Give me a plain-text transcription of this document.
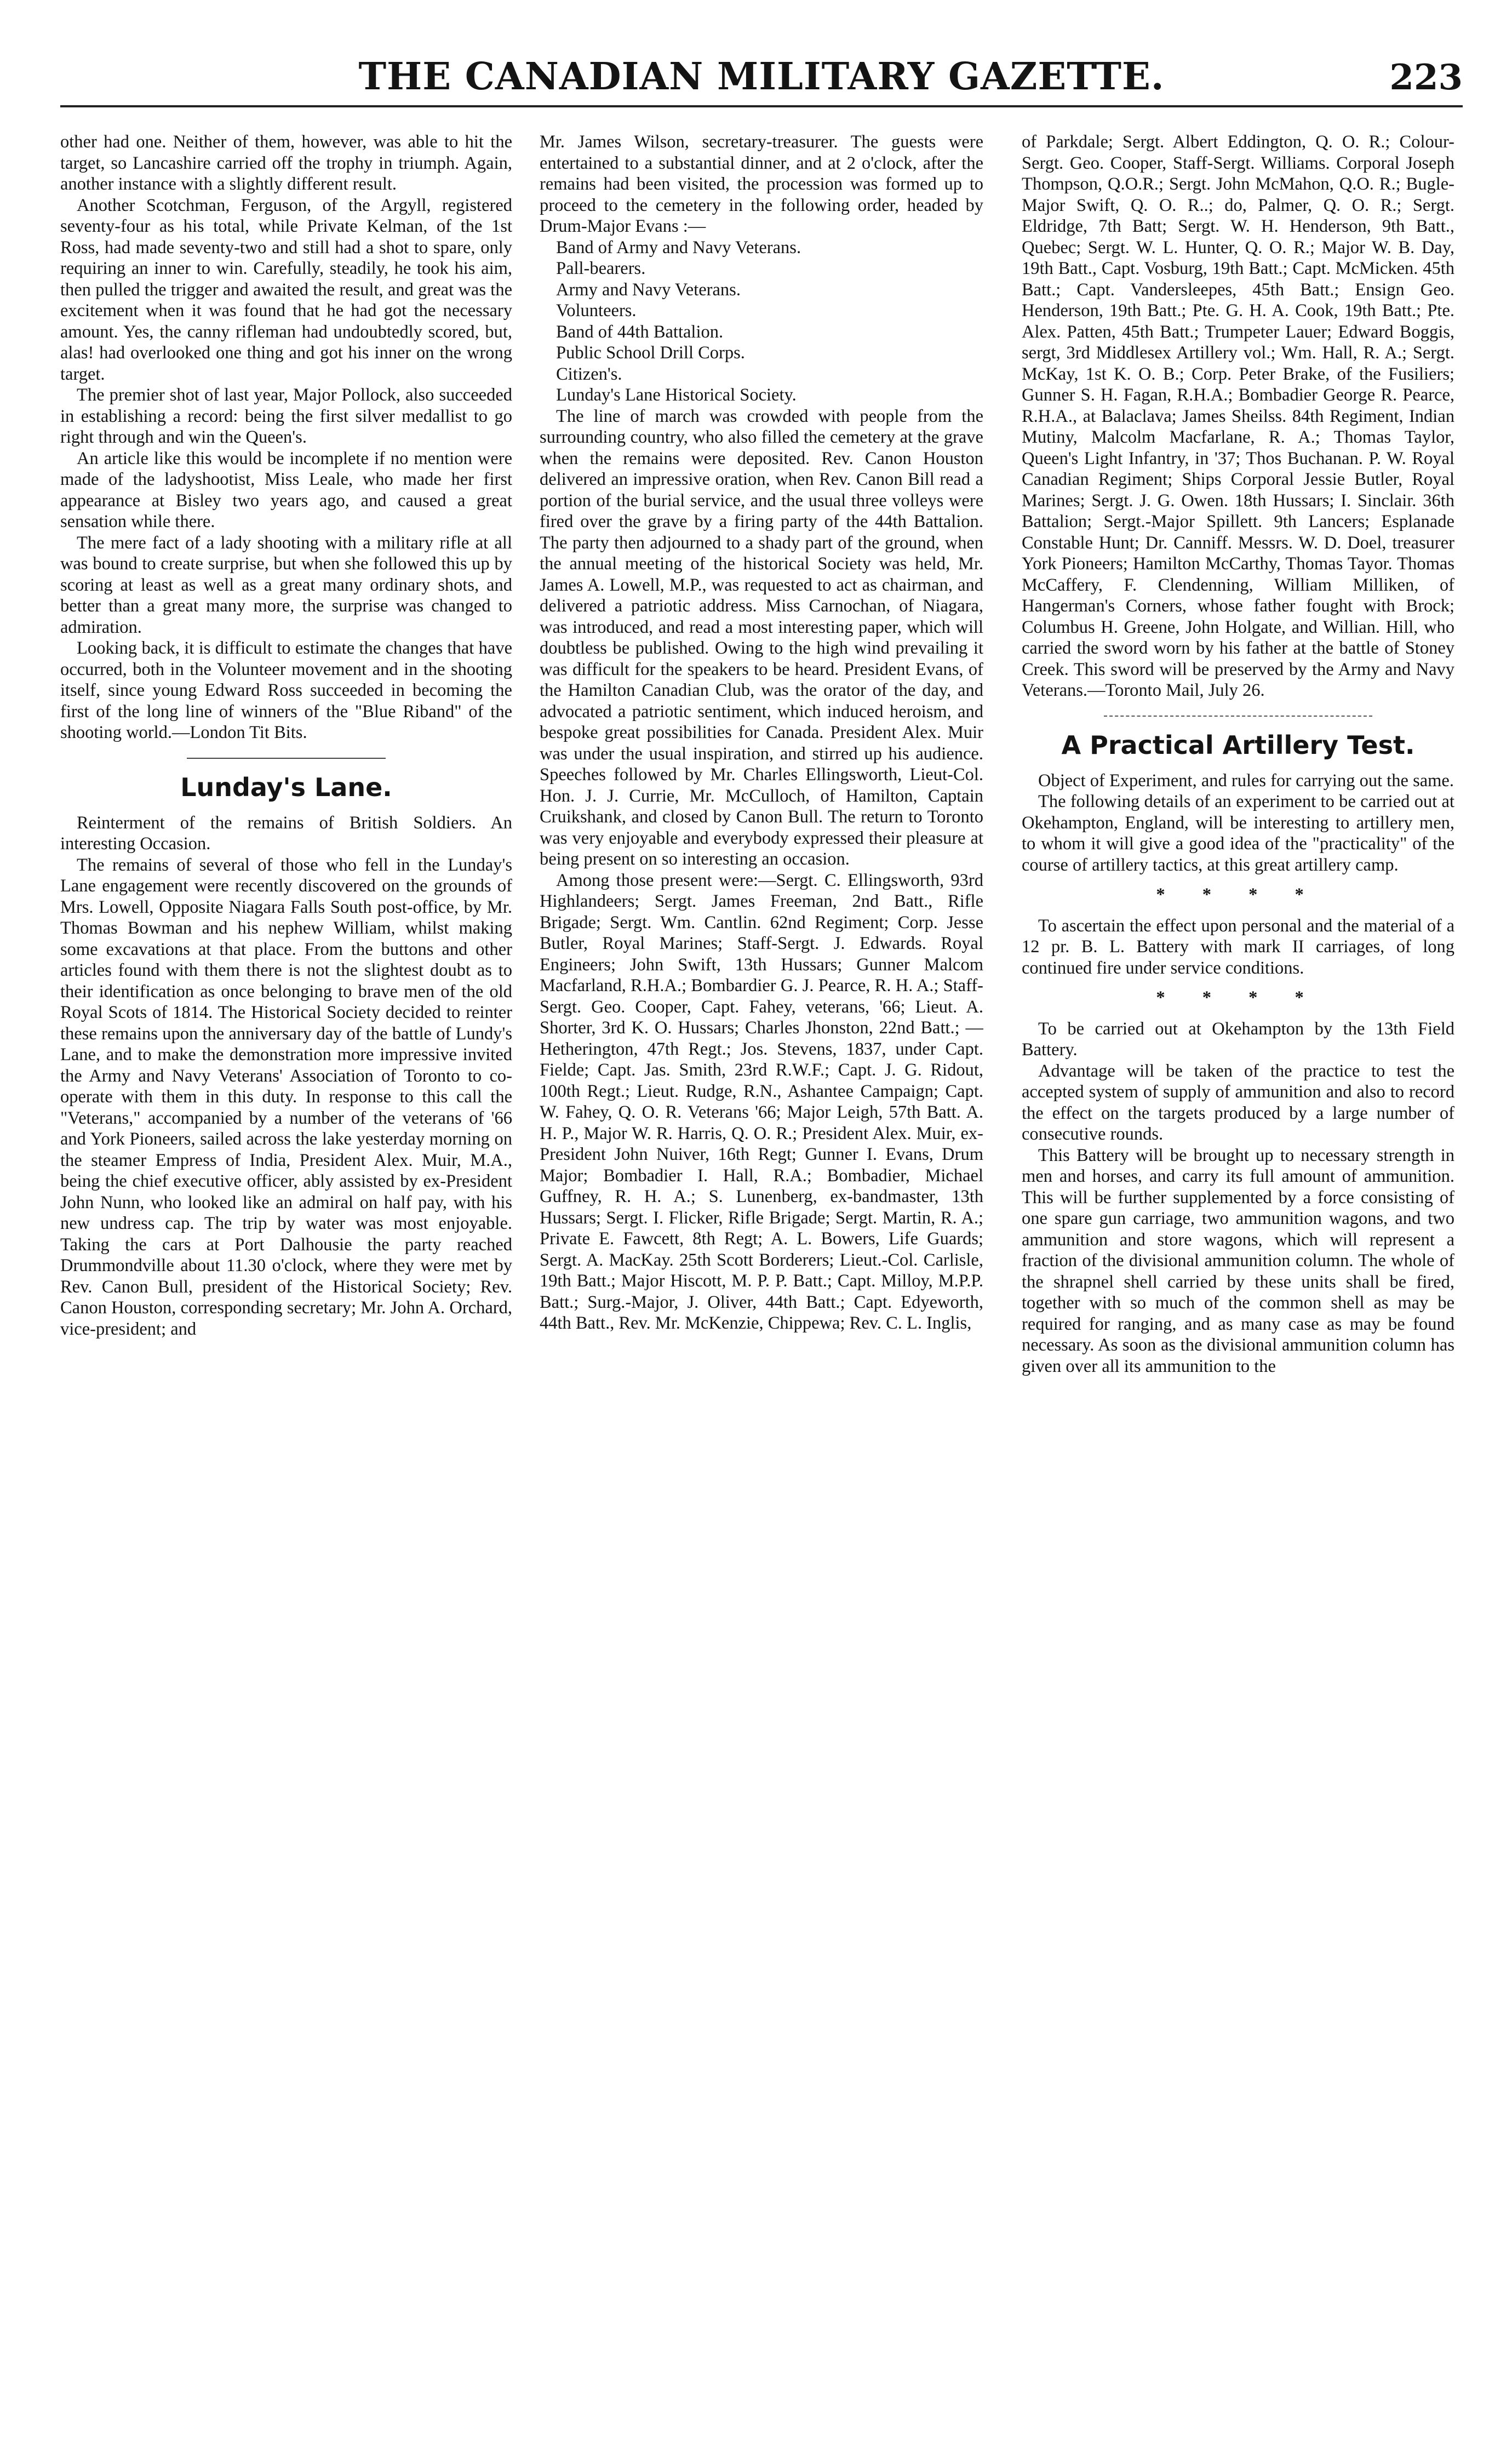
THE CANADIAN MILITARY GAZETTE.	223

other had one. Neither of them, however, was able to hit the target, so Lancashire carried off the trophy in triumph. Again, another instance with a slightly different result.

Another Scotchman, Ferguson, of the Argyll, registered seventy-four as his total, while Private Kelman, of the 1st Ross, had made seventy-two and still had a shot to spare, only requiring an inner to win. Carefully, steadily, he took his aim, then pulled the trigger and awaited the result, and great was the excitement when it was found that he had got the necessary amount. Yes, the canny rifleman had undoubtedly scored, but, alas! had overlooked one thing and got his inner on the wrong target.

The premier shot of last year, Major Pollock, also succeeded in establishing a record: being the first silver medallist to go right through and win the Queen's.

An article like this would be incomplete if no mention were made of the ladyshootist, Miss Leale, who made her first appearance at Bisley two years ago, and caused a great sensation while there.

The mere fact of a lady shooting with a military rifle at all was bound to create surprise, but when she followed this up by scoring at least as well as a great many ordinary shots, and better than a great many more, the surprise was changed to admiration.

Looking back, it is difficult to estimate the changes that have occurred, both in the Volunteer movement and in the shooting itself, since young Edward Ross succeeded in becoming the first of the long line of winners of the "Blue Riband" of the shooting world.—London Tit Bits.

Lunday's Lane.

Reinterment of the remains of British Soldiers. An interesting Occasion.

The remains of several of those who fell in the Lunday's Lane engagement were recently discovered on the grounds of Mrs. Lowell, Opposite Niagara Falls South post-office, by Mr. Thomas Bowman and his nephew William, whilst making some excavations at that place. From the buttons and other articles found with them there is not the slightest doubt as to their identification as once belonging to brave men of the old Royal Scots of 1814. The Historical Society decided to reinter these remains upon the anniversary day of the battle of Lundy's Lane, and to make the demonstration more impressive invited the Army and Navy Veterans' Association of Toronto to co-operate with them in this duty. In response to this call the "Veterans," accompanied by a number of the veterans of '66 and York Pioneers, sailed across the lake yesterday morning on the steamer Empress of India, President Alex. Muir, M.A., being the chief executive officer, ably assisted by ex-President John Nunn, who looked like an admiral on half pay, with his new undress cap. The trip by water was most enjoyable. Taking the cars at Port Dalhousie the party reached Drummondville about 11.30 o'clock, where they were met by Rev. Canon Bull, president of the Historical Society; Rev. Canon Houston, corresponding secretary; Mr. John A. Orchard, vice-president; and

Mr. James Wilson, secretary-treasurer. The guests were entertained to a substantial dinner, and at 2 o'clock, after the remains had been visited, the procession was formed up to proceed to the cemetery in the following order, headed by Drum-Major Evans :—

Band of Army and Navy Veterans.
Pall-bearers.
Army and Navy Veterans.
Volunteers.
Band of 44th Battalion.
Public School Drill Corps.
Citizen's.
Lunday's Lane Historical Society.

The line of march was crowded with people from the surrounding country, who also filled the cemetery at the grave when the remains were deposited. Rev. Canon Houston delivered an impressive oration, when Rev. Canon Bill read a portion of the burial service, and the usual three volleys were fired over the grave by a firing party of the 44th Battalion. The party then adjourned to a shady part of the ground, when the annual meeting of the historical Society was held, Mr. James A. Lowell, M.P., was requested to act as chairman, and delivered a patriotic address. Miss Carnochan, of Niagara, was introduced, and read a most interesting paper, which will doubtless be published. Owing to the high wind prevailing it was difficult for the speakers to be heard. President Evans, of the Hamilton Canadian Club, was the orator of the day, and advocated a patriotic sentiment, which induced heroism, and bespoke great possibilities for Canada. President Alex. Muir was under the usual inspiration, and stirred up his audience. Speeches followed by Mr. Charles Ellingsworth, Lieut-Col. Hon. J. J. Currie, Mr. McCulloch, of Hamilton, Captain Cruikshank, and closed by Canon Bull. The return to Toronto was very enjoyable and everybody expressed their pleasure at being present on so interesting an occasion.

Among those present were:—Sergt. C. Ellingsworth, 93rd Highlandeers; Sergt. James Freeman, 2nd Batt., Rifle Brigade; Sergt. Wm. Cantlin. 62nd Regiment; Corp. Jesse Butler, Royal Marines; Staff-Sergt. J. Edwards. Royal Engineers; John Swift, 13th Hussars; Gunner Malcom Macfarland, R.H.A.; Bombardier G. J. Pearce, R. H. A.; Staff-Sergt. Geo. Cooper, Capt. Fahey, veterans, '66; Lieut. A. Shorter, 3rd K. O. Hussars; Charles Jhonston, 22nd Batt.; —Hetherington, 47th Regt.; Jos. Stevens, 1837, under Capt. Fielde; Capt. Jas. Smith, 23rd R.W.F.; Capt. J. G. Ridout, 100th Regt.; Lieut. Rudge, R.N., Ashantee Campaign; Capt. W. Fahey, Q. O. R. Veterans '66; Major Leigh, 57th Batt. A. H. P., Major W. R. Harris, Q. O. R.; President Alex. Muir, ex-President John Nuiver, 16th Regt; Gunner I. Evans, Drum Major; Bombadier I. Hall, R.A.; Bombadier, Michael Guffney, R. H. A.; S. Lunenberg, ex-bandmaster, 13th Hussars; Sergt. I. Flicker, Rifle Brigade; Sergt. Martin, R. A.; Private E. Fawcett, 8th Regt; A. L. Bowers, Life Guards; Sergt. A. MacKay. 25th Scott Borderers; Lieut.-Col. Carlisle, 19th Batt.; Major Hiscott, M. P. P. Batt.; Capt. Milloy, M.P.P. Batt.; Surg.-Major, J. Oliver, 44th Batt.; Capt. Edyeworth, 44th Batt., Rev. Mr. McKenzie, Chippewa; Rev. C. L. Inglis,

of Parkdale; Sergt. Albert Eddington, Q. O. R.; Colour-Sergt. Geo. Cooper, Staff-Sergt. Williams. Corporal Joseph Thompson, Q.O.R.; Sergt. John McMahon, Q.O. R.; Bugle-Major Swift, Q. O. R..; do, Palmer, Q. O. R.; Sergt. Eldridge, 7th Batt; Sergt. W. H. Henderson, 9th Batt., Quebec; Sergt. W. L. Hunter, Q. O. R.; Major W. B. Day, 19th Batt., Capt. Vosburg, 19th Batt.; Capt. McMicken. 45th Batt.; Capt. Vandersleepes, 45th Batt.; Ensign Geo. Henderson, 19th Batt.; Pte. G. H. A. Cook, 19th Batt.; Pte. Alex. Patten, 45th Batt.; Trumpeter Lauer; Edward Boggis, sergt, 3rd Middlesex Artillery vol.; Wm. Hall, R. A.; Sergt. McKay, 1st K. O. B.; Corp. Peter Brake, of the Fusiliers; Gunner S. H. Fagan, R.H.A.; Bombadier George R. Pearce, R.H.A., at Balaclava; James Sheilss. 84th Regiment, Indian Mutiny, Malcolm Macfarlane, R. A.; Thomas Taylor, Queen's Light Infantry, in '37; Thos Buchanan. P. W. Royal Canadian Regiment; Ships Corporal Jessie Butler, Royal Marines; Sergt. J. G. Owen. 18th Hussars; I. Sinclair. 36th Battalion; Sergt.-Major Spillett. 9th Lancers; Esplanade Constable Hunt; Dr. Canniff. Messrs. W. D. Doel, treasurer York Pioneers; Hamilton McCarthy, Thomas Tayor. Thomas McCaffery, F. Clendenning, William Milliken, of Hangerman's Corners, whose father fought with Brock; Columbus H. Greene, John Holgate, and Willian. Hill, who carried the sword worn by his father at the battle of Stoney Creek. This sword will be preserved by the Army and Navy Veterans.—Toronto Mail, July 26.

A Practical Artillery Test.

Object of Experiment, and rules for carrying out the same.

The following details of an experiment to be carried out at Okehampton, England, will be interesting to artillery men, to whom it will give a good idea of the "practicality" of the course of artillery tactics, at this great artillery camp.

* * * *

To ascertain the effect upon personal and the material of a 12 pr. B. L. Battery with mark II carriages, of long continued fire under service conditions.

* * * *

To be carried out at Okehampton by the 13th Field Battery.

Advantage will be taken of the practice to test the accepted system of supply of ammunition and also to record the effect on the targets produced by a large number of consecutive rounds.

This Battery will be brought up to necessary strength in men and horses, and carry its full amount of ammunition. This will be further supplemented by a force consisting of one spare gun carriage, two ammunition wagons, and two ammunition and store wagons, which will represent a fraction of the divisional ammunition column. The whole of the shrapnel shell carried by these units shall be fired, together with so much of the common shell as may be required for ranging, and as many case as may be found necessary. As soon as the divisional ammunition column has given over all its ammunition to the
